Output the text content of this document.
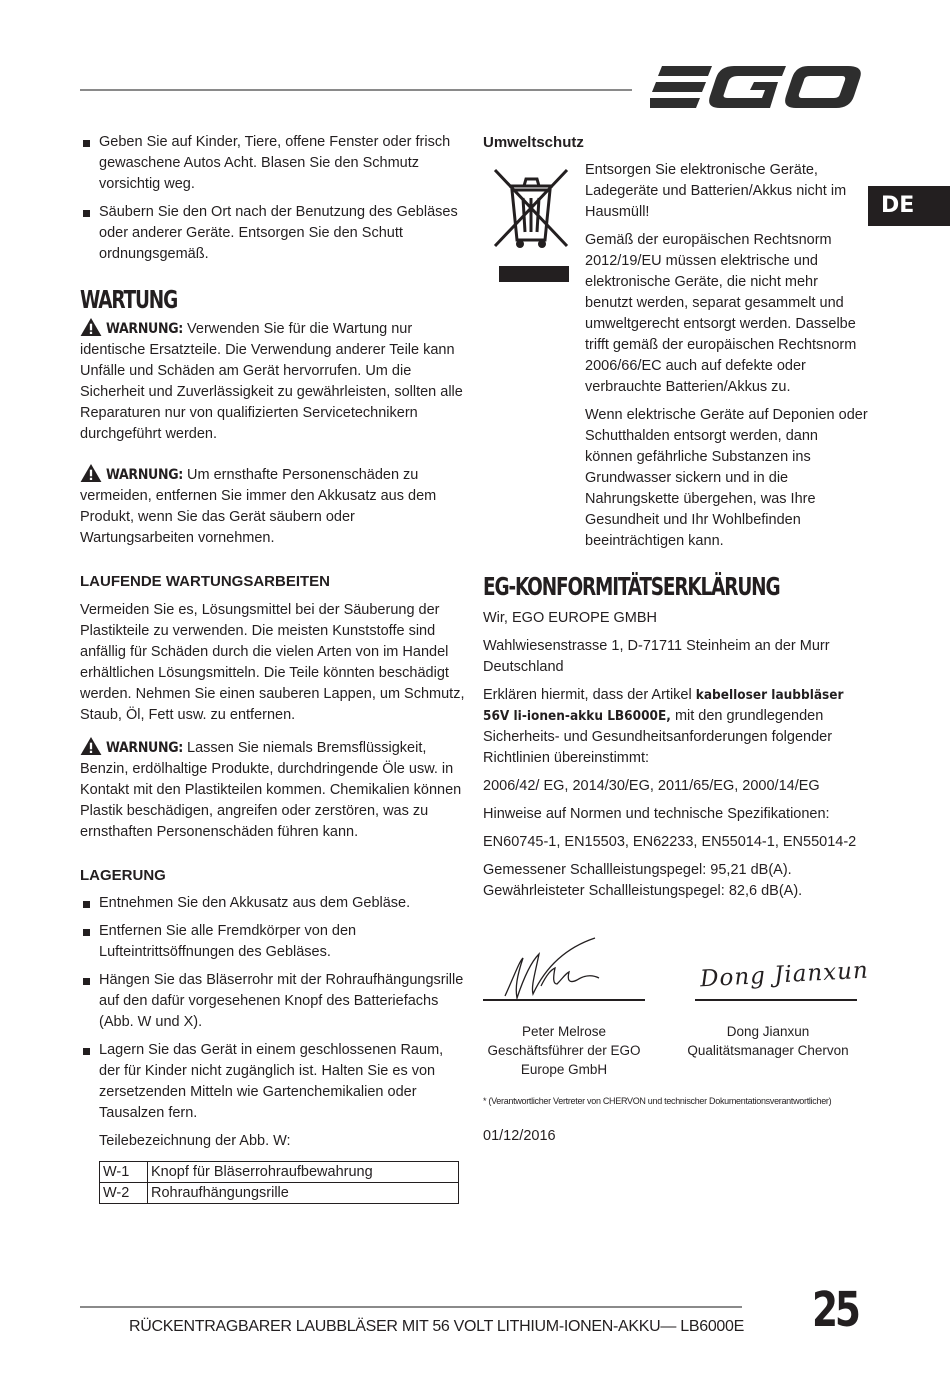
DE
Geben Sie auf Kinder, Tiere, offene Fenster oder frisch gewaschene Autos Acht. Blasen Sie den Schmutz vorsichtig weg.
Säubern Sie den Ort nach der Benutzung des Gebläses oder anderer Geräte. Entsorgen Sie den Schutt ordnungsgemäß.
WARTUNG

WARNUNG: Verwenden Sie für die Wartung nur identische Ersatzteile. Die Verwendung anderer Teile kann Unfälle und Schäden am Gerät hervorrufen. Um die Sicherheit und Zuverlässigkeit zu gewährleisten, sollten alle Reparaturen nur von qualifizierten Servicetechnikern durchgeführt werden.

WARNUNG: Um ernsthafte Personenschäden zu vermeiden, entfernen Sie immer den Akkusatz aus dem Produkt, wenn Sie das Gerät säubern oder Wartungsarbeiten vornehmen.

LAUFENDE WARTUNGSARBEITEN

Vermeiden Sie es, Lösungsmittel bei der Säuberung der Plastikteile zu verwenden. Die meisten Kunststoffe sind anfällig für Schäden durch die vielen Arten von im Handel erhältlichen Lösungsmitteln. Die Teile könnten beschädigt werden. Nehmen Sie einen sauberen Lappen, um Schmutz, Staub, Öl, Fett usw. zu entfernen.

WARNUNG: Lassen Sie niemals Bremsflüssigkeit, Benzin, erdölhaltige Produkte, durchdringende Öle usw. in Kontakt mit den Plastikteilen kommen. Chemikalien können Plastik beschädigen, angreifen oder zerstören, was zu ernsthaften Personenschäden führen kann.

LAGERUNG
Entnehmen Sie den Akkusatz aus dem Gebläse.
Entfernen Sie alle Fremdkörper von den Lufteintrittsöffnungen des Gebläses.
Hängen Sie das Bläserrohr mit der Rohraufhängungsrille auf den dafür vorgesehenen Knopf des Batteriefachs (Abb. W und X).
Lagern Sie das Gerät in einem geschlossenen Raum, der für Kinder nicht zugänglich ist. Halten Sie es von zersetzenden Mitteln wie Gartenchemikalien oder Tausalzen fern.

Teilebezeichnung der Abb. W:

W-1	Knopf für Bläserrohraufbewahrung
W-2	Rohraufhängungsrille
Umweltschutz

Entsorgen Sie elektronische Geräte, Ladegeräte und Batterien/Akkus nicht im Hausmüll!

Gemäß der europäischen Rechtsnorm 2012/19/EU müssen elektrische und elektronische Geräte, die nicht mehr benutzt werden, separat gesammelt und umweltgerecht entsorgt werden. Dasselbe trifft gemäß der europäischen Rechtsnorm 2006/66/EC auch auf defekte oder verbrauchte Batterien/Akkus zu.

Wenn elektrische Geräte auf Deponien oder Schutthalden entsorgt werden, dann können gefährliche Substanzen ins Grundwasser sickern und in die Nahrungskette übergehen, was Ihre Gesundheit und Ihr Wohlbefinden beeinträchtigen kann.

EG-KONFORMITÄTSERKLÄRUNG

Wir, EGO EUROPE GMBH

Wahlwiesenstrasse 1, D-71711 Steinheim an der Murr Deutschland

Erklären hiermit, dass der Artikel kabelloser laubbläser 56V li-ionen-akku LB6000E, mit den grundlegenden Sicherheits- und Gesundheitsanforderungen folgender Richtlinien übereinstimmt:

2006/42/ EG, 2014/30/EG, 2011/65/EG, 2000/14/EG

Hinweise auf Normen und technische Spezifikationen:

EN60745-1, EN15503, EN62233, EN55014-1, EN55014-2

Gemessener Schallleistungspegel: 95,21 dB(A).

Gewährleisteter Schallleistungspegel: 82,6 dB(A).

Dong Jianxun
Peter Melrose
Geschäftsführer der EGO
Europe GmbH
Dong Jianxun
Qualitätsmanager Chervon
* (Verantwortlicher Vertreter von CHERVON und technischer Dokumentationsverantwortlicher)
01/12/2016
RÜCKENTRAGBARER LAUBBLÄSER MIT 56 VOLT LITHIUM-IONEN-AKKU— LB6000E 25
